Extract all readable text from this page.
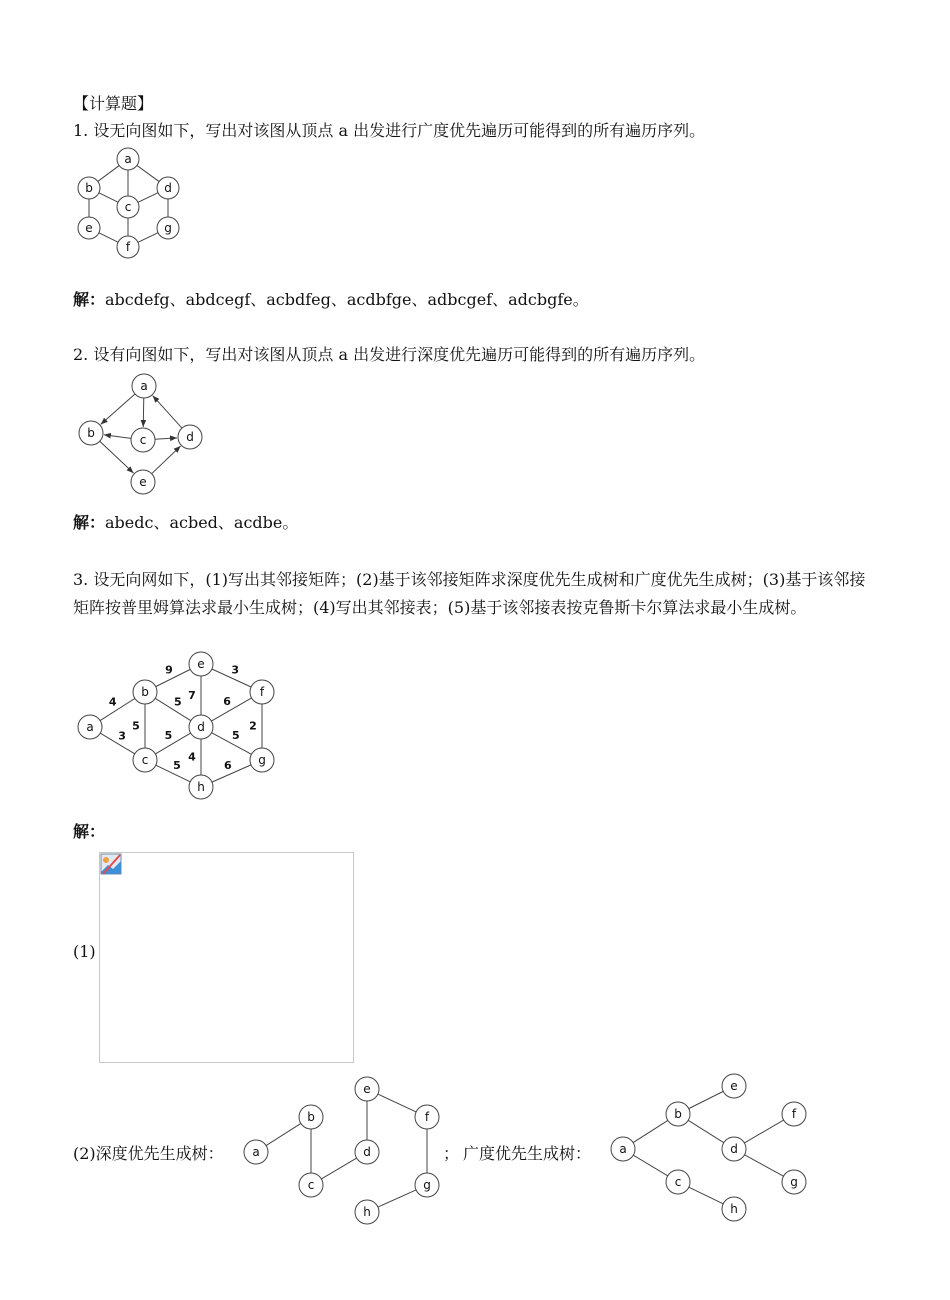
【计算题】
1. 设无向图如下，写出对该图从顶点 a 出发进行广度优先遍历可能得到的所有遍历序列。
a
b
c
d
e
f
g
解：abcdefg、abdcegf、acbdfeg、acdbfge、adbcgef、adcbgfe。
2. 设有向图如下，写出对该图从顶点 a 出发进行深度优先遍历可能得到的所有遍历序列。
a
b	c	d
e
解：abedc、acbed、acdbe。
3. 设无向网如下，(1)写出其邻接矩阵；(2)基于该邻接矩阵求深度优先生成树和广度优先生成树；(3)基于该邻接矩阵按普里姆算法求最小生成树；(4)写出其邻接表；(5)基于该邻接表按克鲁斯卡尔算法求最小生成树。
4
3
9
5
5 7
3
6
2
5	5
4
5	6
a
b
c
d
e
f
g
h
解：
(1)
(2)深度优先生成树： a
b
c
d
e
f
g
h
； 广度优先生成树： a
b
c
d
e
f
g
h
